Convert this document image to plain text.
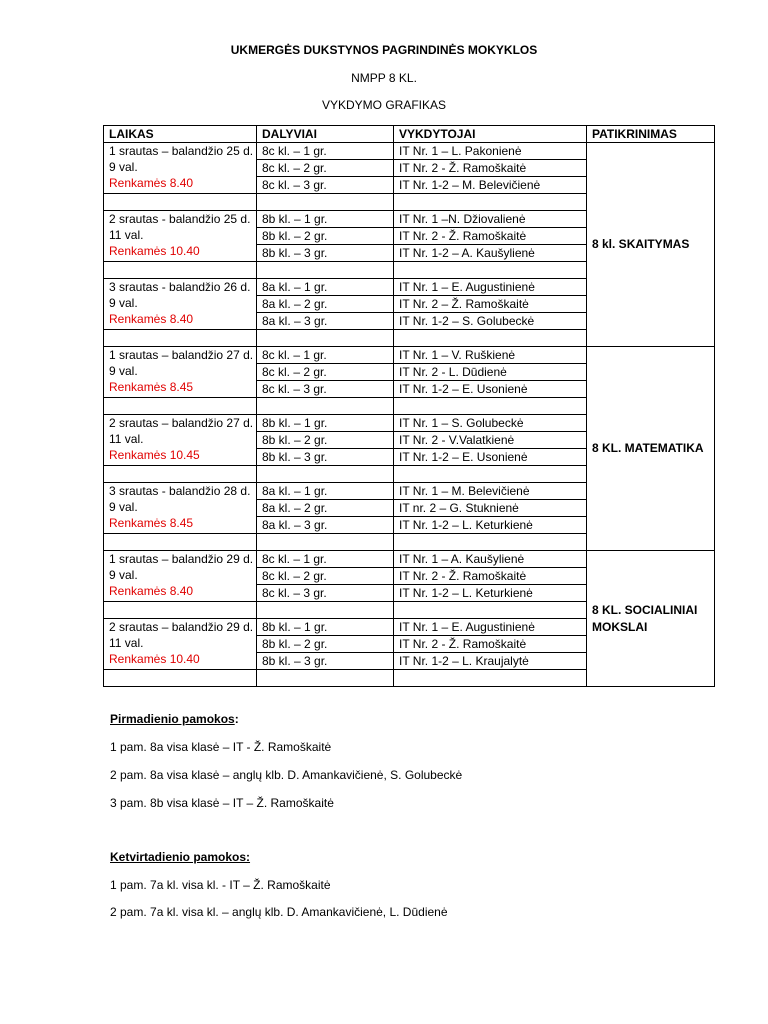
UKMERGĖS DUKSTYNOS PAGRINDINĖS MOKYKLOS
NMPP 8 KL.
VYKDYMO GRAFIKAS
LAIKAS	DALYVIAI	VYKDYTOJAI	PATIKRINIMAS

1 srautas – balandžio 25 d. 9 val.
Renkamės 8.40	8c kl. – 1 gr.	IT Nr. 1 – L. Pakonienė	8 kl. SKAITYMAS
	8c kl. – 2 gr.	IT Nr. 2 - Ž. Ramoškaitė	
	8c kl. – 3 gr.	IT Nr. 1-2 – M. Belevičienė	

2 srautas - balandžio 25 d. 11 val.
Renkamės 10.40	8b kl. – 1 gr.	IT Nr. 1 –N. Džiovalienė	
	8b kl. – 2 gr.	IT Nr. 2 - Ž. Ramoškaitė	
	8b kl. – 3 gr.	IT Nr. 1-2 – A. Kaušylienė	

3 srautas - balandžio 26 d. 9 val.
Renkamės 8.40	8a kl. – 1 gr.	IT Nr. 1 – E. Augustinienė	
	8a kl. – 2 gr.	IT Nr. 2 – Ž. Ramoškaitė	
	8a kl. – 3 gr.	IT Nr. 1-2 – S. Golubeckė	

1 srautas – balandžio 27 d. 9 val.
Renkamės 8.45	8c kl. – 1 gr.	IT Nr. 1 – V. Ruškienė	8 KL. MATEMATIKA
	8c kl. – 2 gr.	IT Nr. 2 - L. Dūdienė	
	8c kl. – 3 gr.	IT Nr. 1-2 – E. Usonienė	

2 srautas – balandžio 27 d. 11 val.
Renkamės 10.45	8b kl. – 1 gr.	IT Nr. 1 – S. Golubeckė	
	8b kl. – 2 gr.	IT Nr. 2 - V.Valatkienė	
	8b kl. – 3 gr.	IT Nr. 1-2 – E. Usonienė	

3 srautas - balandžio 28 d. 9 val.
Renkamės 8.45	8a kl. – 1 gr.	IT Nr. 1 – M. Belevičienė	
	8a kl. – 2 gr.	IT nr. 2 – G. Stuknienė	
	8a kl. – 3 gr.	IT Nr. 1-2 – L. Keturkienė	

1 srautas – balandžio 29 d. 9 val.
Renkamės 8.40	8c kl. – 1 gr.	IT Nr. 1 – A. Kaušylienė	8 KL. SOCIALINIAI MOKSLAI
	8c kl. – 2 gr.	IT Nr. 2 - Ž. Ramoškaitė	
	8c kl. – 3 gr.	IT Nr. 1-2 – L. Keturkienė	

2 srautas – balandžio 29 d. 11 val.
Renkamės 10.40	8b kl. – 1 gr.	IT Nr. 1 – E. Augustinienė	
	8b kl. – 2 gr.	IT Nr. 2 - Ž. Ramoškaitė	
	8b kl. – 3 gr.	IT Nr. 1-2 – L. Kraujalytė	

Pirmadienio pamokos:
1 pam. 8a visa klasė – IT - Ž. Ramoškaitė
2 pam. 8a visa klasė – anglų klb. D. Amankavičienė, S. Golubeckė
3 pam. 8b visa klasė – IT – Ž. Ramoškaitė
Ketvirtadienio pamokos:
1 pam. 7a kl. visa kl. - IT – Ž. Ramoškaitė
2 pam. 7a kl. visa kl. – anglų klb. D. Amankavičienė, L. Dūdienė
